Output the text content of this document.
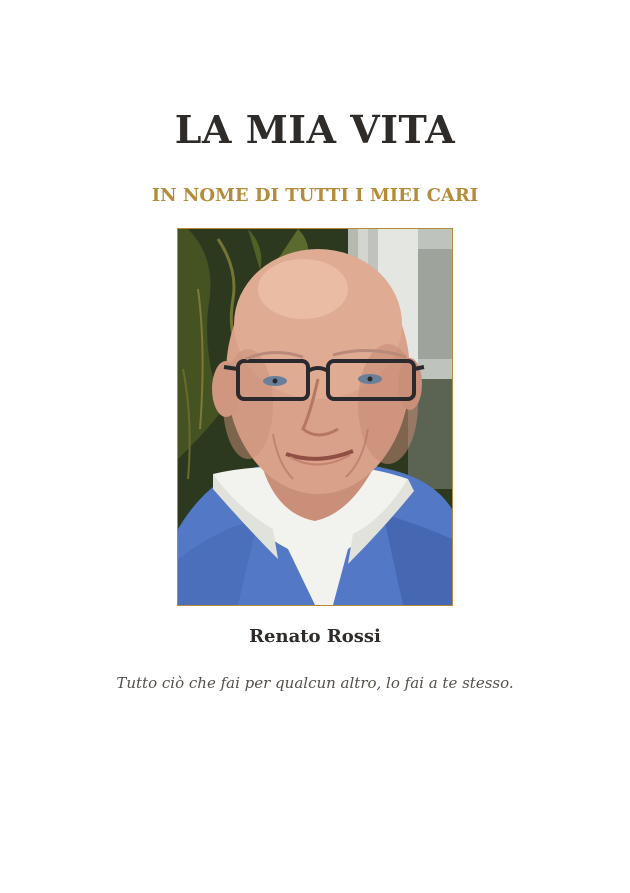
LA MIA VITA
IN NOME DI TUTTI I MIEI CARI
Renato Rossi
Tutto ciò che fai per qualcun altro, lo fai a te stesso.
